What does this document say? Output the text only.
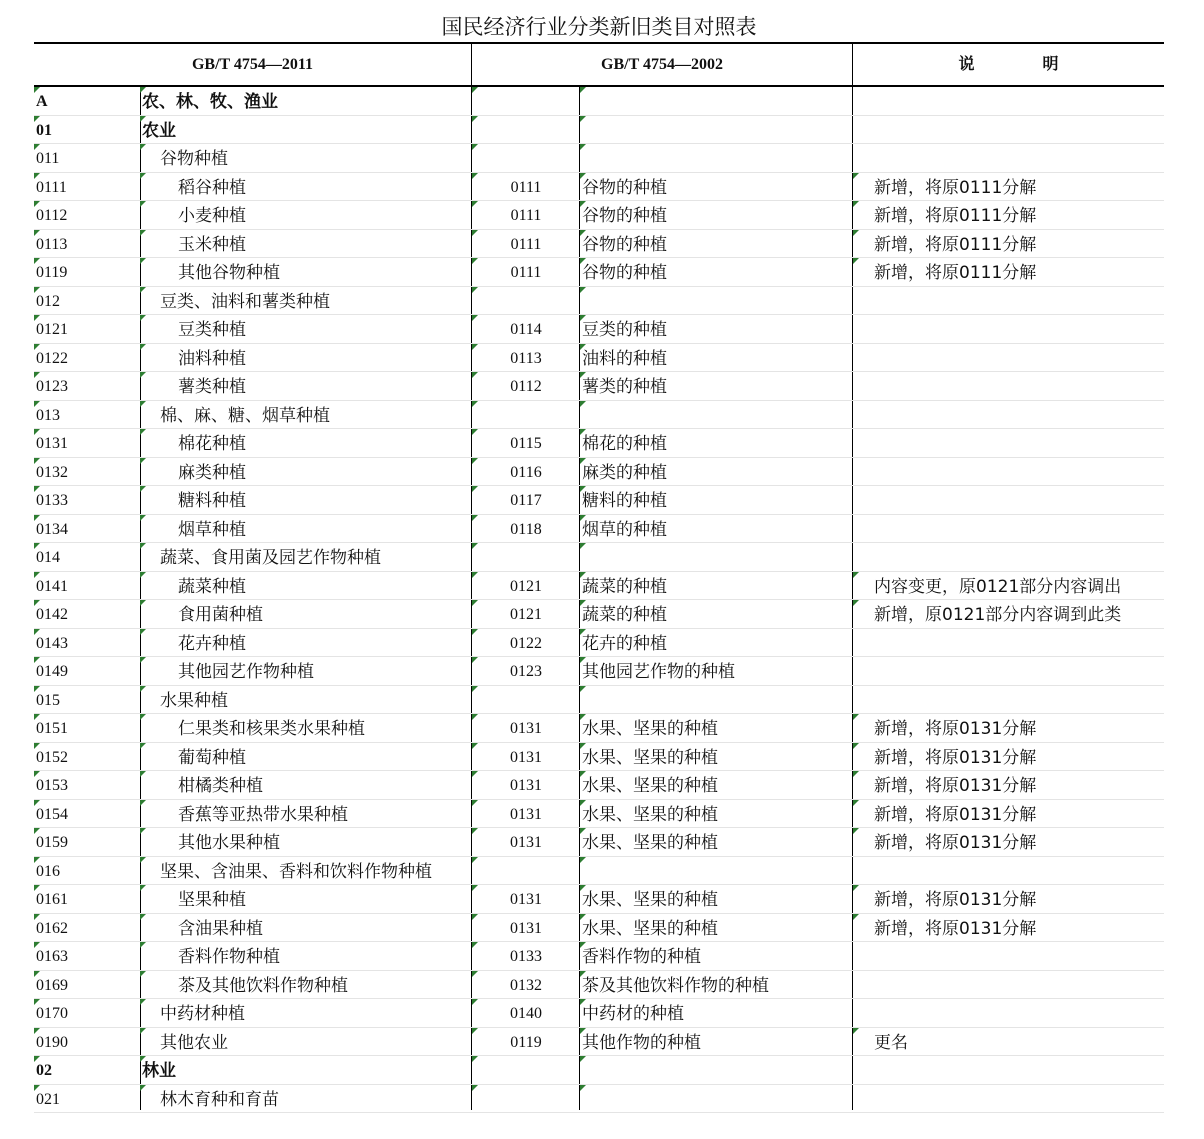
国民经济行业分类新旧类目对照表
GB/T 4754—2011	GB/T 4754—2002	说	明
A	农、林、牧、渔业
01	农业
011	谷物种植
0111	稻谷种植	0111	谷物的种植	新增，将原0111分解
0112	小麦种植	0111	谷物的种植	新增，将原0111分解
0113	玉米种植	0111	谷物的种植	新增，将原0111分解
0119	其他谷物种植	0111	谷物的种植	新增，将原0111分解
012	豆类、油料和薯类种植
0121	豆类种植	0114	豆类的种植
0122	油料种植	0113	油料的种植
0123	薯类种植	0112	薯类的种植
013	棉、麻、糖、烟草种植
0131	棉花种植	0115	棉花的种植
0132	麻类种植	0116	麻类的种植
0133	糖料种植	0117	糖料的种植
0134	烟草种植	0118	烟草的种植
014	蔬菜、食用菌及园艺作物种植
0141	蔬菜种植	0121	蔬菜的种植	内容变更，原0121部分内容调出
0142	食用菌种植	0121	蔬菜的种植	新增，原0121部分内容调到此类
0143	花卉种植	0122	花卉的种植
0149	其他园艺作物种植	0123	其他园艺作物的种植
015	水果种植
0151	仁果类和核果类水果种植	0131	水果、坚果的种植	新增，将原0131分解
0152	葡萄种植	0131	水果、坚果的种植	新增，将原0131分解
0153	柑橘类种植	0131	水果、坚果的种植	新增，将原0131分解
0154	香蕉等亚热带水果种植	0131	水果、坚果的种植	新增，将原0131分解
0159	其他水果种植	0131	水果、坚果的种植	新增，将原0131分解
016	坚果、含油果、香料和饮料作物种植
0161	坚果种植	0131	水果、坚果的种植	新增，将原0131分解
0162	含油果种植	0131	水果、坚果的种植	新增，将原0131分解
0163	香料作物种植	0133	香料作物的种植
0169	茶及其他饮料作物种植	0132	茶及其他饮料作物的种植
0170	中药材种植	0140	中药材的种植
0190	其他农业	0119	其他作物的种植	更名
02	林业
021	林木育种和育苗
